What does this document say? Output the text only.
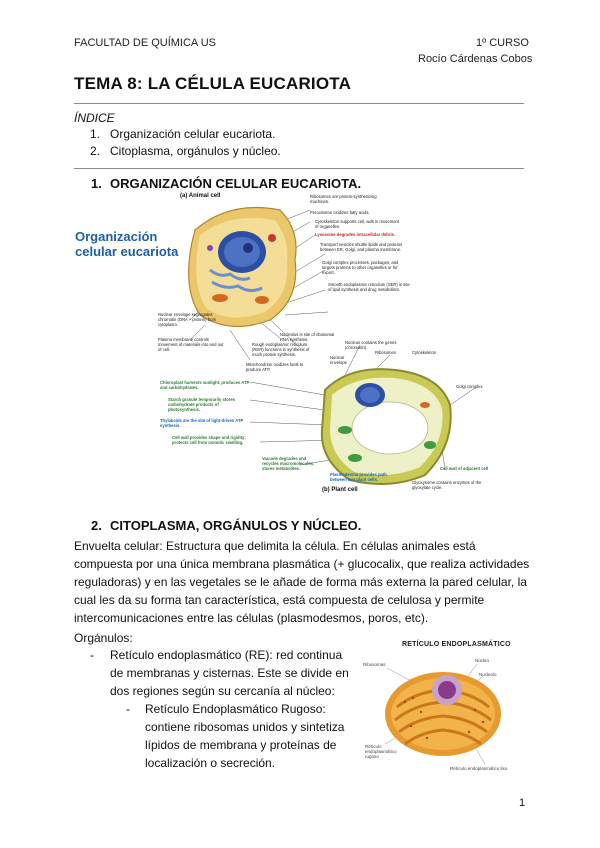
FACULTAD DE QUÍMICA US	1º CURSO
Rocío Cárdenas Cobos
TEMA 8: LA CÉLULA EUCARIOTA
ÍNDICE
1. Organización celular eucariota.
2. Citoplasma, orgánulos y núcleo.
1. ORGANIZACIÓN CELULAR EUCARIOTA.
Organización
celular eucariota
(a) Animal cell
(b) Plant cell
Ribosomes are protein-synthesizing machines.
Peroxisome oxidizes fatty acids.
Cytoskeleton supports cell, aids in movement of organelles.
Lysosome degrades intracellular debris.
Transport vesicles shuttle lipids and proteins between ER, Golgi, and plasma membrane.
Golgi complex processes, packages, and targets proteins to other organelles or for export.
Smooth endoplasmic reticulum (SER) is site of lipid synthesis and drug metabolism.
Nuclear envelope segregates chromatin (DNA + protein) from cytoplasm.
Nucleolus is site of ribosomal RNA synthesis.
Rough endoplasmic reticulum (RER) functions in synthesis of much protein synthesis.
Nucleus contains the genes (chromatin).
Plasma membrane controls movement of materials into and out of cell.
Nuclear envelope
Ribosomes	Cytoskeleton
Mitochondrion oxidizes fuels to produce ATP.
Golgi complex
Chloroplast harvests sunlight, produces ATP and carbohydrates.
Starch granule temporarily stores carbohydrate products of photosynthesis.
Thylakoids are the site of light-driven ATP synthesis.
Cell wall provides shape and rigidity; protects cell from osmotic swelling.
Vacuole degrades and recycles macromolecules, stores metabolites.
Plasmodesma provides path between two plant cells.
Cell wall of adjacent cell
Glyoxysome contains enzymes of the glyoxylate cycle.
2. CITOPLASMA, ORGÁNULOS Y NÚCLEO.
Envuelta celular: Estructura que delimita la célula. En células animales está compuesta por una única membrana plasmática (+ glucocalix, que realiza actividades reguladoras) y en las vegetales se le añade de forma más externa la pared celular, la cual les da su forma tan característica, está compuesta de celulosa y permite intercomunicaciones entre las células (plasmodesmos, poros, etc).
Orgánulos:
- Retículo endoplasmático (RE): red continua
de membranas y cisternas. Este se divide en
dos regiones según su cercanía al núcleo:
- Retículo Endoplasmático Rugoso:
contiene ribosomas unidos y sintetiza
lípidos de membrana y proteínas de
localización o secreción.
RETÍCULO ENDOPLASMÁTICO
Ribosomas
Núcleo
Nucleolo
Retículo endoplasmático rugoso
Retículo endoplasmático liso
1
